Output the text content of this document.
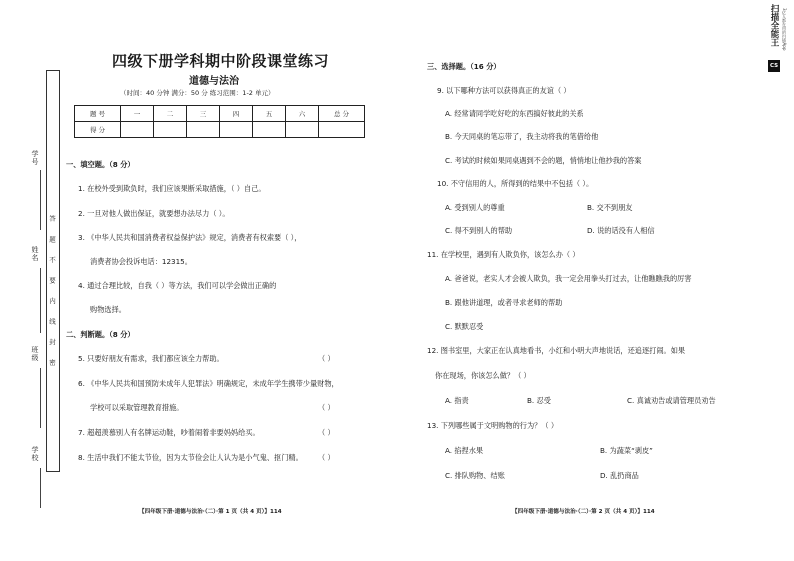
四级下册学科期中阶段课堂练习
道德与法治
（时间：40 分钟 满分：50 分 练习范围：1-2 单元）
题 号	一	二	三	四	五	六	总 分
得 分							
答 题 不 要 内 线 封 密
学号
姓名
班级
学校
一、填空题。（8 分）
1. 在校外受到欺负时，我们应该果断采取措施，（ ）自己。
2. 一旦对他人做出保证，就要想办法尽力（ ）。
3. 《中华人民共和国消费者权益保护法》规定，消费者有权索要（ ），
消费者协会投诉电话：12315。
4. 通过合理比较，自我（ ）等方法，我们可以学会做出正确的
购物选择。
二、判断题。（8 分）
5. 只要好朋友有需求，我们都应该全力帮助。	（ ）
6. 《中华人民共和国预防未成年人犯罪法》明确规定，未成年学生携带少量财物，
学校可以采取管理教育措施。	（ ）
7. 超超羡慕别人有名牌运动鞋，吵着闹着非要妈妈给买。	（ ）
8. 生活中我们不能太节俭，因为太节俭会让人认为是小气鬼、抠门精。 （ ）
【四年级下册·道德与法治·（二）·第 1 页（共 4 页）】114
三、选择题。（16 分）
9. 以下哪种方法可以获得真正的友谊（ ）
A. 经常请同学吃好吃的东西搞好彼此的关系
B. 今天同桌的笔忘带了，我主动将我的笔借给他
C. 考试的时候如果同桌遇到不会的题，悄悄地让他抄我的答案
10. 不守信用的人，所得到的结果中不包括（ ）。
A. 受到别人的尊重	B. 交不到朋友
C. 得不到别人的帮助	D. 说的话没有人相信
11. 在学校里，遇到有人欺负你，该怎么办（ ）
A. 爸爸说，老实人才会被人欺负，我一定会用拳头打过去，让他瞧瞧我的厉害
B. 跟他讲道理，或者寻求老师的帮助
C. 默默忍受
12. 图书室里，大家正在认真地看书，小红和小明大声地说话，还追逐打闹。如果
你在现场，你该怎么做？（ ）
A. 指责	B. 忍受	C. 真诚劝告或请管理员劝告
13. 下列哪些属于文明购物的行为？（ ）
A. 掐捏水果	B. 为蔬菜“剥皮”
C. 排队购物、结账	D. 乱扔商品
【四年级下册·道德与法治·（二）·第 2 页（共 4 页）】114
扫描全能王 3亿人都在用的扫描App
CS
